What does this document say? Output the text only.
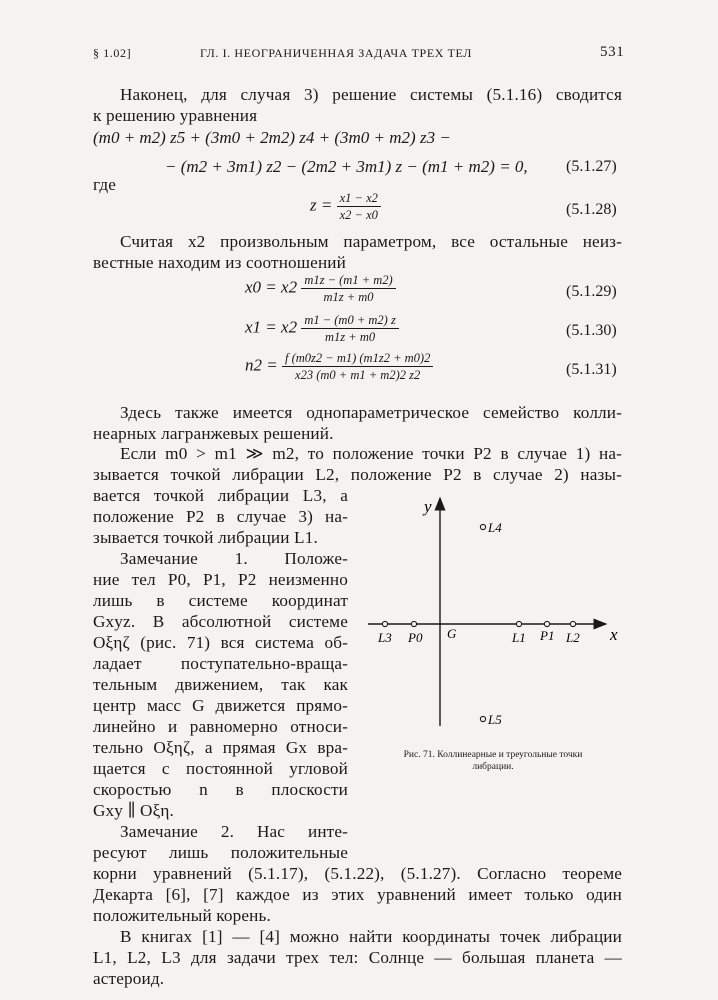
§ 1.02]	ГЛ. I. НЕОГРАНИЧЕННАЯ ЗАДАЧА ТРЕХ ТЕЛ	531
Наконец, для случая 3) решение системы (5.1.16) сводится
к решению уравнения
(m0 + m2) z5 + (3m0 + 2m2) z4 + (3m0 + m2) z3 −
− (m2 + 3m1) z2 − (2m2 + 3m1) z − (m1 + m2) = 0, (5.1.27)
где
$z = \frac{x1 - x2}{x2 - x0}$	(5.1.28)
Считая x2 произвольным параметром, все остальные неиз-
вестные находим из соотношений
$x0 = x2 \frac{m1z - (m1 + m2)}{m1z + m0}$	(5.1.29)
$x1 = x2 \frac{m1 - (m0 + m2) z}{m1z + m0}$	(5.1.30)
$n2 = \frac{f (m0z2 - m1) (m1z2 + m0)2}{x23 (m0 + m1 + m2)2 z2}$	(5.1.31)
Здесь также имеется однопараметрическое семейство колли-
неарных лагранжевых решений.
Если m0 > m1 ≫ m2, то положение точки P2 в случае 1) на-
зывается точкой либрации L2, положение P2 в случае 2) назы-
вается точкой либрации L3, а
положение P2 в случае 3) на-
зывается точкой либрации L1.
Замечание 1. Положе-
ние тел P0, P1, P2 неизменно
лишь в системе координат
Gxyz. В абсолютной системе
Oξηζ (рис. 71) вся система об-
ладает поступательно-враща-
тельным движением, так как
центр масс G движется прямо-
линейно и равномерно относи-
тельно Oξηζ, а прямая Gx вра-
щается с постоянной угловой
скоростью n в плоскости
Gxy ∥ Oξη.
Замечание 2. Нас инте-
ресуют лишь положительные
корни уравнений (5.1.17), (5.1.22), (5.1.27). Согласно теореме
Декарта [6], [7] каждое из этих уравнений имеет только один
положительный корень.
В книгах [1] — [4] можно найти координаты точек либрации
L1, L2, L3 для задачи трех тел: Солнце — большая планета —
астероид.
y
x
L3 P0 G	L1 P1 L2
L4
L5
Рис. 71. Коллинеарные и треугольные точки
либрации.
